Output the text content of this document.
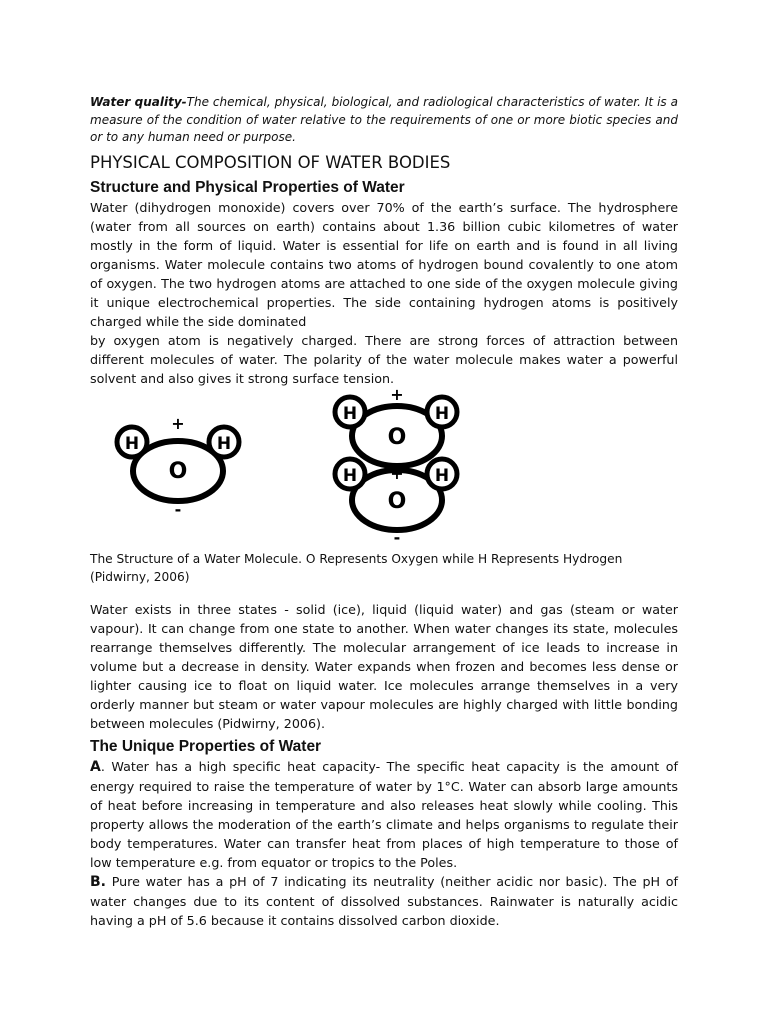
Water quality-The chemical, physical, biological, and radiological characteristics of water. It is a measure of the condition of water relative to the requirements of one or more biotic species and or to any human need or purpose.

PHYSICAL COMPOSITION OF WATER BODIES
Structure and Physical Properties of Water

Water (dihydrogen monoxide) covers over 70% of the earth’s surface. The hydrosphere (water from all sources on earth) contains about 1.36 billion cubic kilometres of water mostly in the form of liquid. Water is essential for life on earth and is found in all living organisms. Water molecule contains two atoms of hydrogen bound covalently to one atom of oxygen. The two hydrogen atoms are attached to one side of the oxygen molecule giving it unique electrochemical properties. The side containing hydrogen atoms is positively charged while the side dominated

by oxygen atom is negatively charged. There are strong forces of attraction between different molecules of water. The polarity of the water molecule makes water a powerful solvent and also gives it strong surface tension.

H	H
O
+
-
H	H
O
+
H	H
O
+
-

The Structure of a Water Molecule. O Represents Oxygen while H Represents Hydrogen (Pidwirny, 2006)

Water exists in three states - solid (ice), liquid (liquid water) and gas (steam or water vapour). It can change from one state to another. When water changes its state, molecules rearrange themselves differently. The molecular arrangement of ice leads to increase in volume but a decrease in density. Water expands when frozen and becomes less dense or lighter causing ice to float on liquid water. Ice molecules arrange themselves in a very orderly manner but steam or water vapour molecules are highly charged with little bonding between molecules (Pidwirny, 2006).

The Unique Properties of Water

A. Water has a high specific heat capacity- The specific heat capacity is the amount of energy required to raise the temperature of water by 1°C. Water can absorb large amounts of heat before increasing in temperature and also releases heat slowly while cooling. This property allows the moderation of the earth’s climate and helps organisms to regulate their body temperatures. Water can transfer heat from places of high temperature to those of low temperature e.g. from equator or tropics to the Poles.

B. Pure water has a pH of 7 indicating its neutrality (neither acidic nor basic). The pH of water changes due to its content of dissolved substances. Rainwater is naturally acidic having a pH of 5.6 because it contains dissolved carbon dioxide.
